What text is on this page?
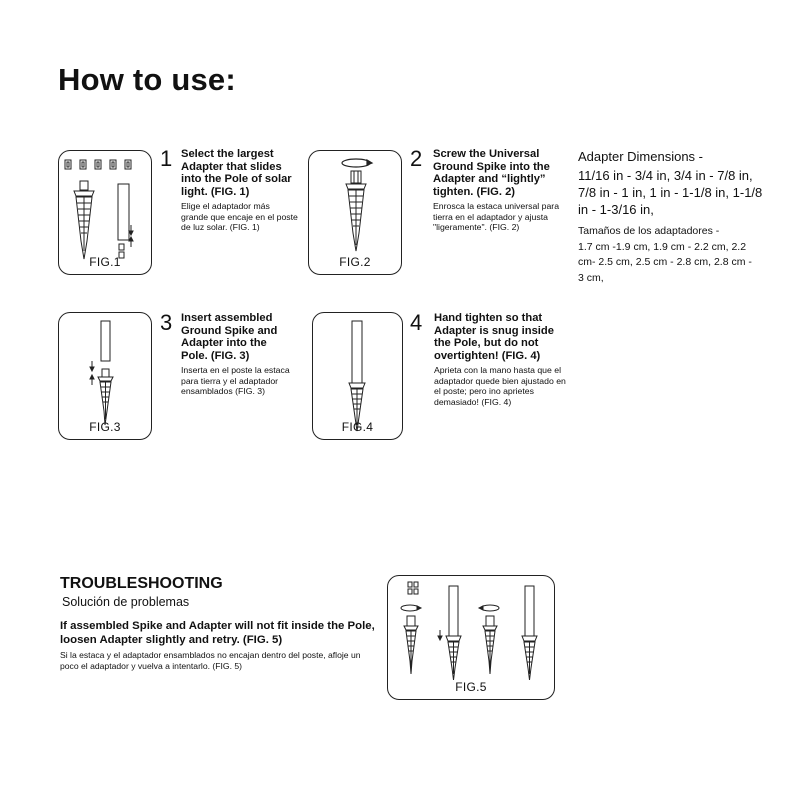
How to use:
FIG.1
1 Select the largest Adapter that slides into the Pole of solar light. (FIG. 1)
Elige el adaptador más grande que encaje en el poste de luz solar. (FIG. 1)
FIG.2
2 Screw the Universal Ground Spike into the Adapter and “lightly” tighten. (FIG. 2)
Enrosca la estaca universal para tierra en el adaptador y ajusta "ligeramente". (FIG. 2)
Adapter Dimensions -
11/16 in - 3/4 in, 3/4 in - 7/8 in, 7/8 in - 1 in, 1 in - 1-1/8 in, 1-1/8 in - 1-3/16 in,
Tamaños de los adaptadores -
1.7 cm -1.9 cm, 1.9 cm - 2.2 cm, 2.2 cm- 2.5 cm, 2.5 cm - 2.8 cm, 2.8 cm - 3 cm,
FIG.3
3 Insert assembled Ground Spike and Adapter into the Pole. (FIG. 3)
Inserta en el poste la estaca para tierra y el adaptador ensamblados (FIG. 3)
FIG.4
4 Hand tighten so that Adapter is snug inside the Pole, but do not overtighten! (FIG. 4)
Aprieta con la mano hasta que el adaptador quede bien ajustado en el poste; pero ino aprietes demasiado! (FIG. 4)
TROUBLESHOOTING
Solución de problemas
If assembled Spike and Adapter will not fit inside the Pole, loosen Adapter slightly and retry. (FIG. 5)
Si la estaca y el adaptador ensamblados no encajan dentro del poste, afloje un poco el adaptador y vuelva a intentarlo. (FIG. 5)
FIG.5
